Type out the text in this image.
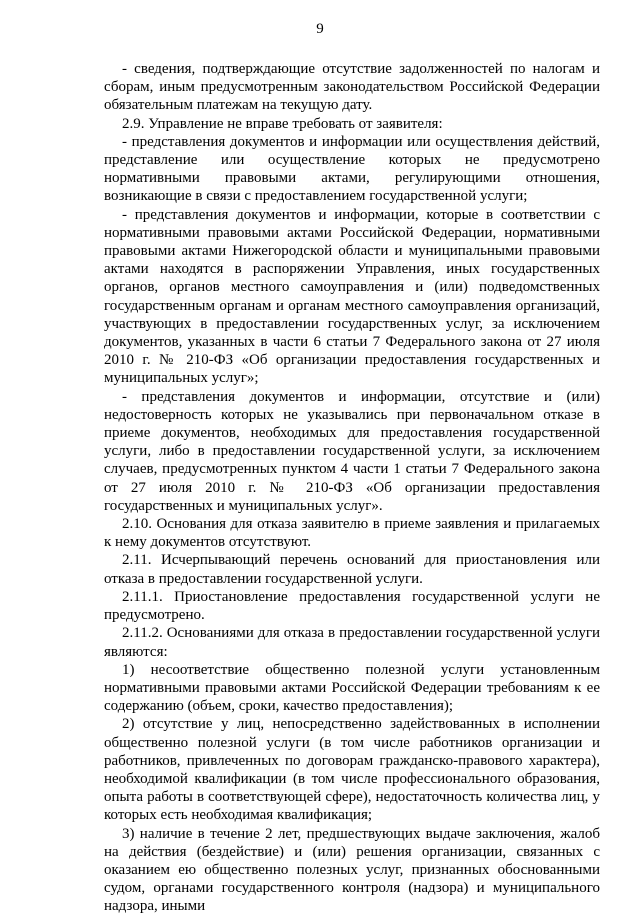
9

- сведения, подтверждающие отсутствие задолженностей по налогам и сборам, иным предусмотренным законодательством Российской Федерации обязательным платежам на текущую дату.

2.9. Управление не вправе требовать от заявителя:

- представления документов и информации или осуществления действий, представление или осуществление которых не предусмотрено нормативными правовыми актами, регулирующими отношения, возникающие в связи с предоставлением государственной услуги;

- представления документов и информации, которые в соответствии с нормативными правовыми актами Российской Федерации, нормативными правовыми актами Нижегородской области и муниципальными правовыми актами находятся в распоряжении Управления, иных государственных органов, органов местного самоуправления и (или) подведомственных государственным органам и органам местного самоуправления организаций, участвующих в предоставлении государственных услуг, за исключением документов, указанных в части 6 статьи 7 Федерального закона от 27 июля 2010 г. № 210-ФЗ «Об организации предоставления государственных и муниципальных услуг»;

- представления документов и информации, отсутствие и (или) недостоверность которых не указывались при первоначальном отказе в приеме документов, необходимых для предоставления государственной услуги, либо в предоставлении государственной услуги, за исключением случаев, предусмотренных пунктом 4 части 1 статьи 7 Федерального закона от 27 июля 2010 г. № 210-ФЗ «Об организации предоставления государственных и муниципальных услуг».

2.10. Основания для отказа заявителю в приеме заявления и прилагаемых к нему документов отсутствуют.

2.11. Исчерпывающий перечень оснований для приостановления или отказа в предоставлении государственной услуги.

2.11.1. Приостановление предоставления государственной услуги не предусмотрено.

2.11.2. Основаниями для отказа в предоставлении государственной услуги являются:

1) несоответствие общественно полезной услуги установленным нормативными правовыми актами Российской Федерации требованиям к ее содержанию (объем, сроки, качество предоставления);

2) отсутствие у лиц, непосредственно задействованных в исполнении общественно полезной услуги (в том числе работников организации и работников, привлеченных по договорам гражданско-правового характера), необходимой квалификации (в том числе профессионального образования, опыта работы в соответствующей сфере), недостаточность количества лиц, у которых есть необходимая квалификация;

3) наличие в течение 2 лет, предшествующих выдаче заключения, жалоб на действия (бездействие) и (или) решения организации, связанных с оказанием ею общественно полезных услуг, признанных обоснованными судом, органами государственного контроля (надзора) и муниципального надзора, иными
